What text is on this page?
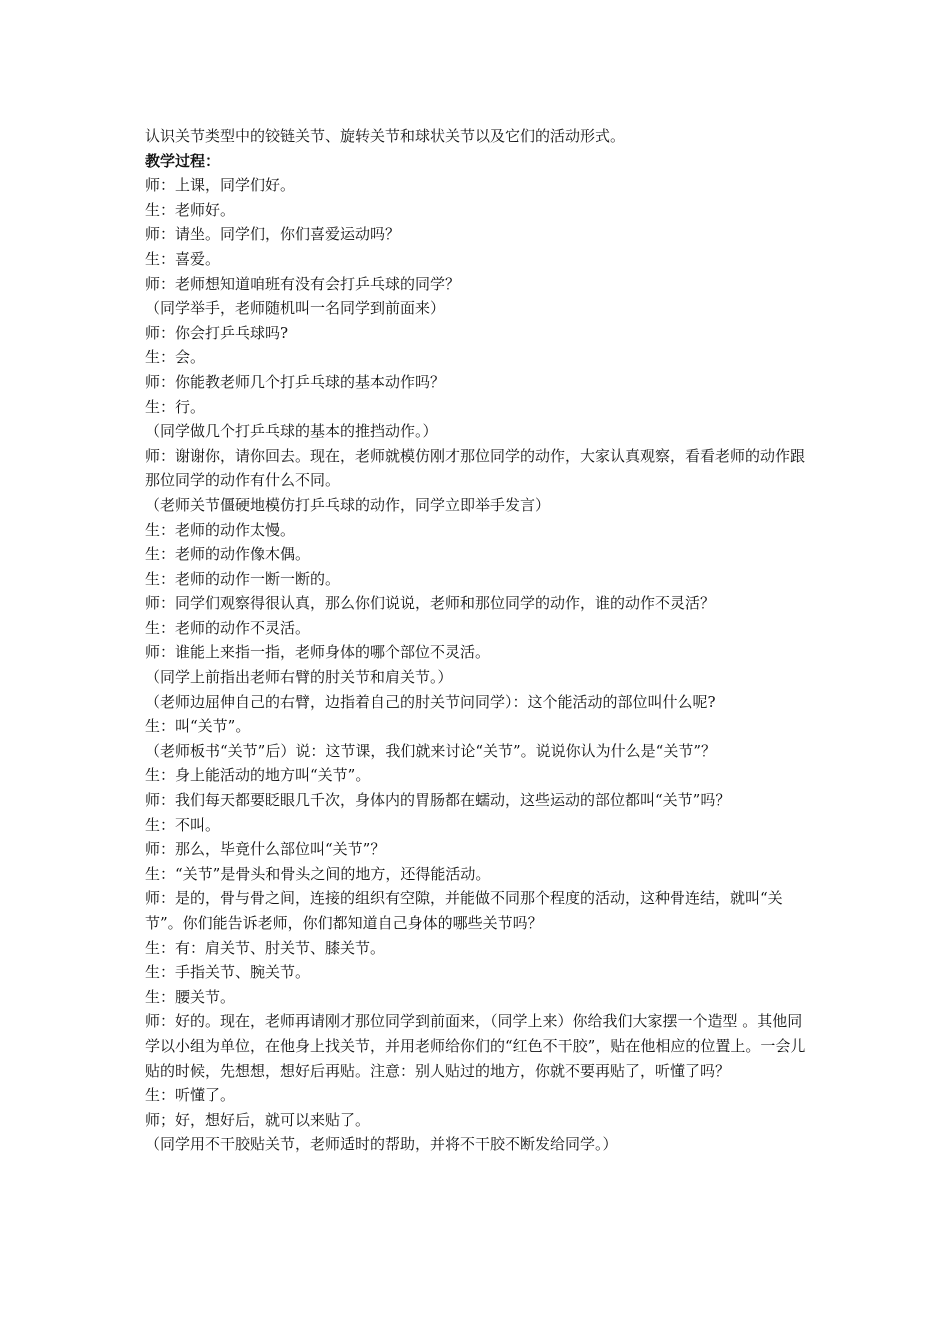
认识关节类型中的铰链关节、旋转关节和球状关节以及它们的活动形式。

教学过程：

师：上课，同学们好。

生：老师好。

师：请坐。同学们，你们喜爱运动吗？

生：喜爱。

师：老师想知道咱班有没有会打乒乓球的同学？

（同学举手，老师随机叫一名同学到前面来）

师：你会打乒乓球吗?

生：会。

师：你能教老师几个打乒乓球的基本动作吗？

生：行。

（同学做几个打乒乓球的基本的推挡动作。）

师：谢谢你，请你回去。现在，老师就模仿刚才那位同学的动作，大家认真观察，看看老师的动作跟那位同学的动作有什么不同。

（老师关节僵硬地模仿打乒乓球的动作，同学立即举手发言）

生：老师的动作太慢。

生：老师的动作像木偶。

生：老师的动作一断一断的。

师：同学们观察得很认真，那么你们说说，老师和那位同学的动作，谁的动作不灵活？

生：老师的动作不灵活。

师：谁能上来指一指，老师身体的哪个部位不灵活。

（同学上前指出老师右臂的肘关节和肩关节。）

（老师边屈伸自己的右臂，边指着自己的肘关节问同学）：这个能活动的部位叫什么呢?

生：叫“关节”。

（老师板书“关节”后）说：这节课，我们就来讨论“关节”。说说你认为什么是“关节”？

生：身上能活动的地方叫“关节”。

师：我们每天都要眨眼几千次，身体内的胃肠都在蠕动，这些运动的部位都叫“关节”吗？

生：不叫。

师：那么，毕竟什么部位叫“关节”？

生：“关节”是骨头和骨头之间的地方，还得能活动。

师：是的，骨与骨之间，连接的组织有空隙，并能做不同那个程度的活动，这种骨连结，就叫“关节”。你们能告诉老师，你们都知道自己身体的哪些关节吗？

生：有：肩关节、肘关节、膝关节。

生：手指关节、腕关节。

生：腰关节。

师：好的。现在，老师再请刚才那位同学到前面来，（同学上来）你给我们大家摆一个造型 。其他同学以小组为单位，在他身上找关节，并用老师给你们的“红色不干胶”，贴在他相应的位置上。一会儿贴的时候，先想想，想好后再贴。注意：别人贴过的地方，你就不要再贴了，听懂了吗？

生：听懂了。

师；好，想好后，就可以来贴了。

（同学用不干胶贴关节，老师适时的帮助，并将不干胶不断发给同学。）
